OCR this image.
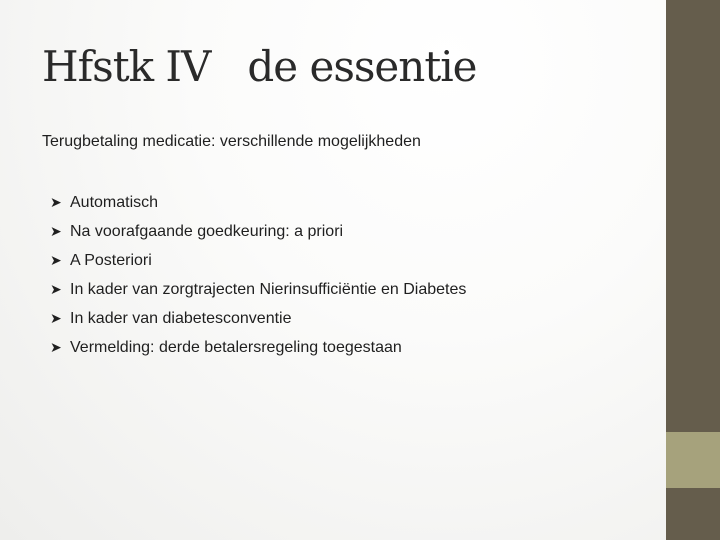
Hfstk IV   de essentie

Terugbetaling medicatie: verschillende mogelijkheden

➤ Automatisch
➤ Na voorafgaande goedkeuring: a priori
➤ A Posteriori
➤ In kader van zorgtrajecten Nierinsufficiëntie en Diabetes
➤ In kader van diabetesconventie
➤ Vermelding: derde betalersregeling toegestaan
